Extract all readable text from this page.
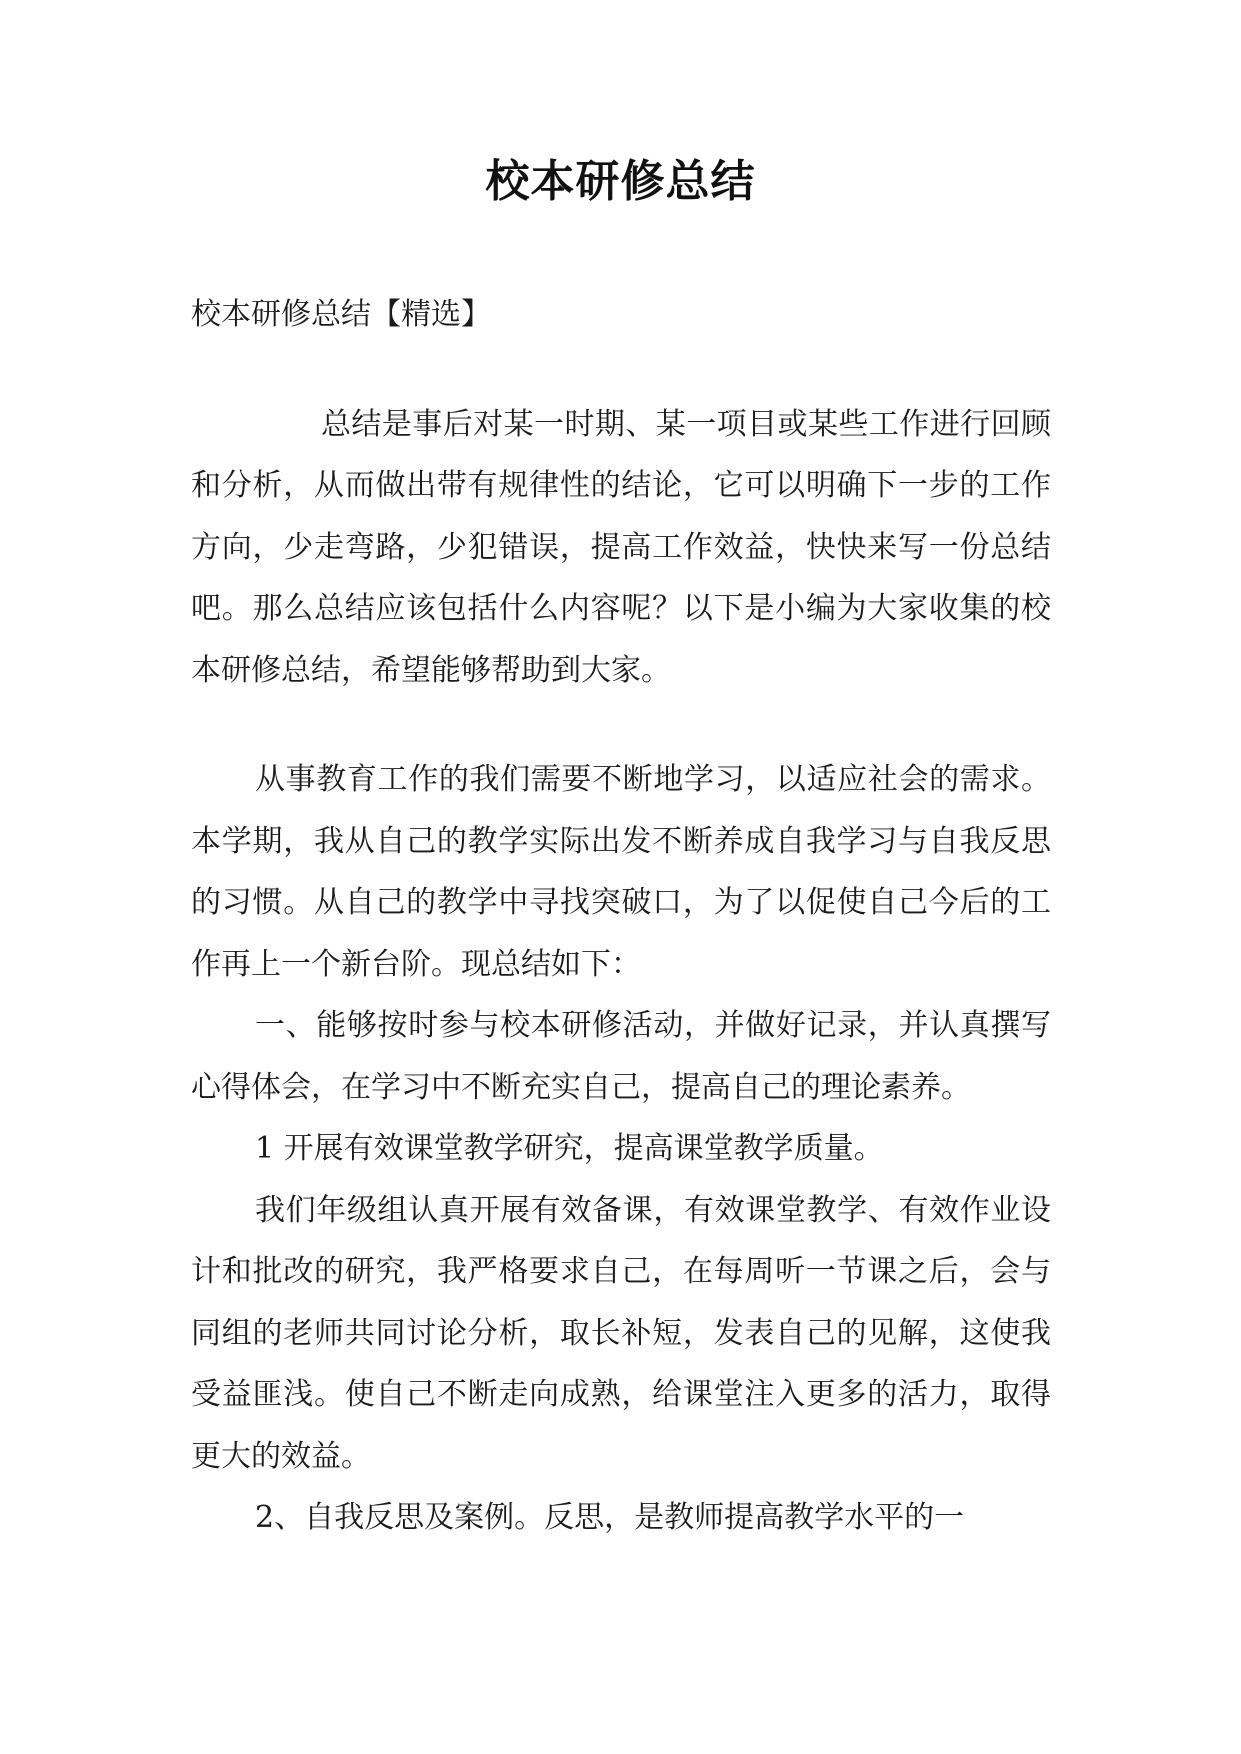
校本研修总结

校本研修总结【精选】

总结是事后对某一时期、某一项目或某些工作进行回顾和分析，从而做出带有规律性的结论，它可以明确下一步的工作方向，少走弯路，少犯错误，提高工作效益，快快来写一份总结吧。那么总结应该包括什么内容呢？以下是小编为大家收集的校本研修总结，希望能够帮助到大家。

从事教育工作的我们需要不断地学习，以适应社会的需求。本学期，我从自己的教学实际出发不断养成自我学习与自我反思的习惯。从自己的教学中寻找突破口，为了以促使自己今后的工作再上一个新台阶。现总结如下：

一、能够按时参与校本研修活动，并做好记录，并认真撰写心得体会，在学习中不断充实自己，提高自己的理论素养。

1 开展有效课堂教学研究，提高课堂教学质量。

我们年级组认真开展有效备课，有效课堂教学、有效作业设计和批改的研究，我严格要求自己，在每周听一节课之后，会与同组的老师共同讨论分析，取长补短，发表自己的见解，这使我受益匪浅。使自己不断走向成熟，给课堂注入更多的活力，取得更大的效益。

2、自我反思及案例。反思，是教师提高教学水平的一
